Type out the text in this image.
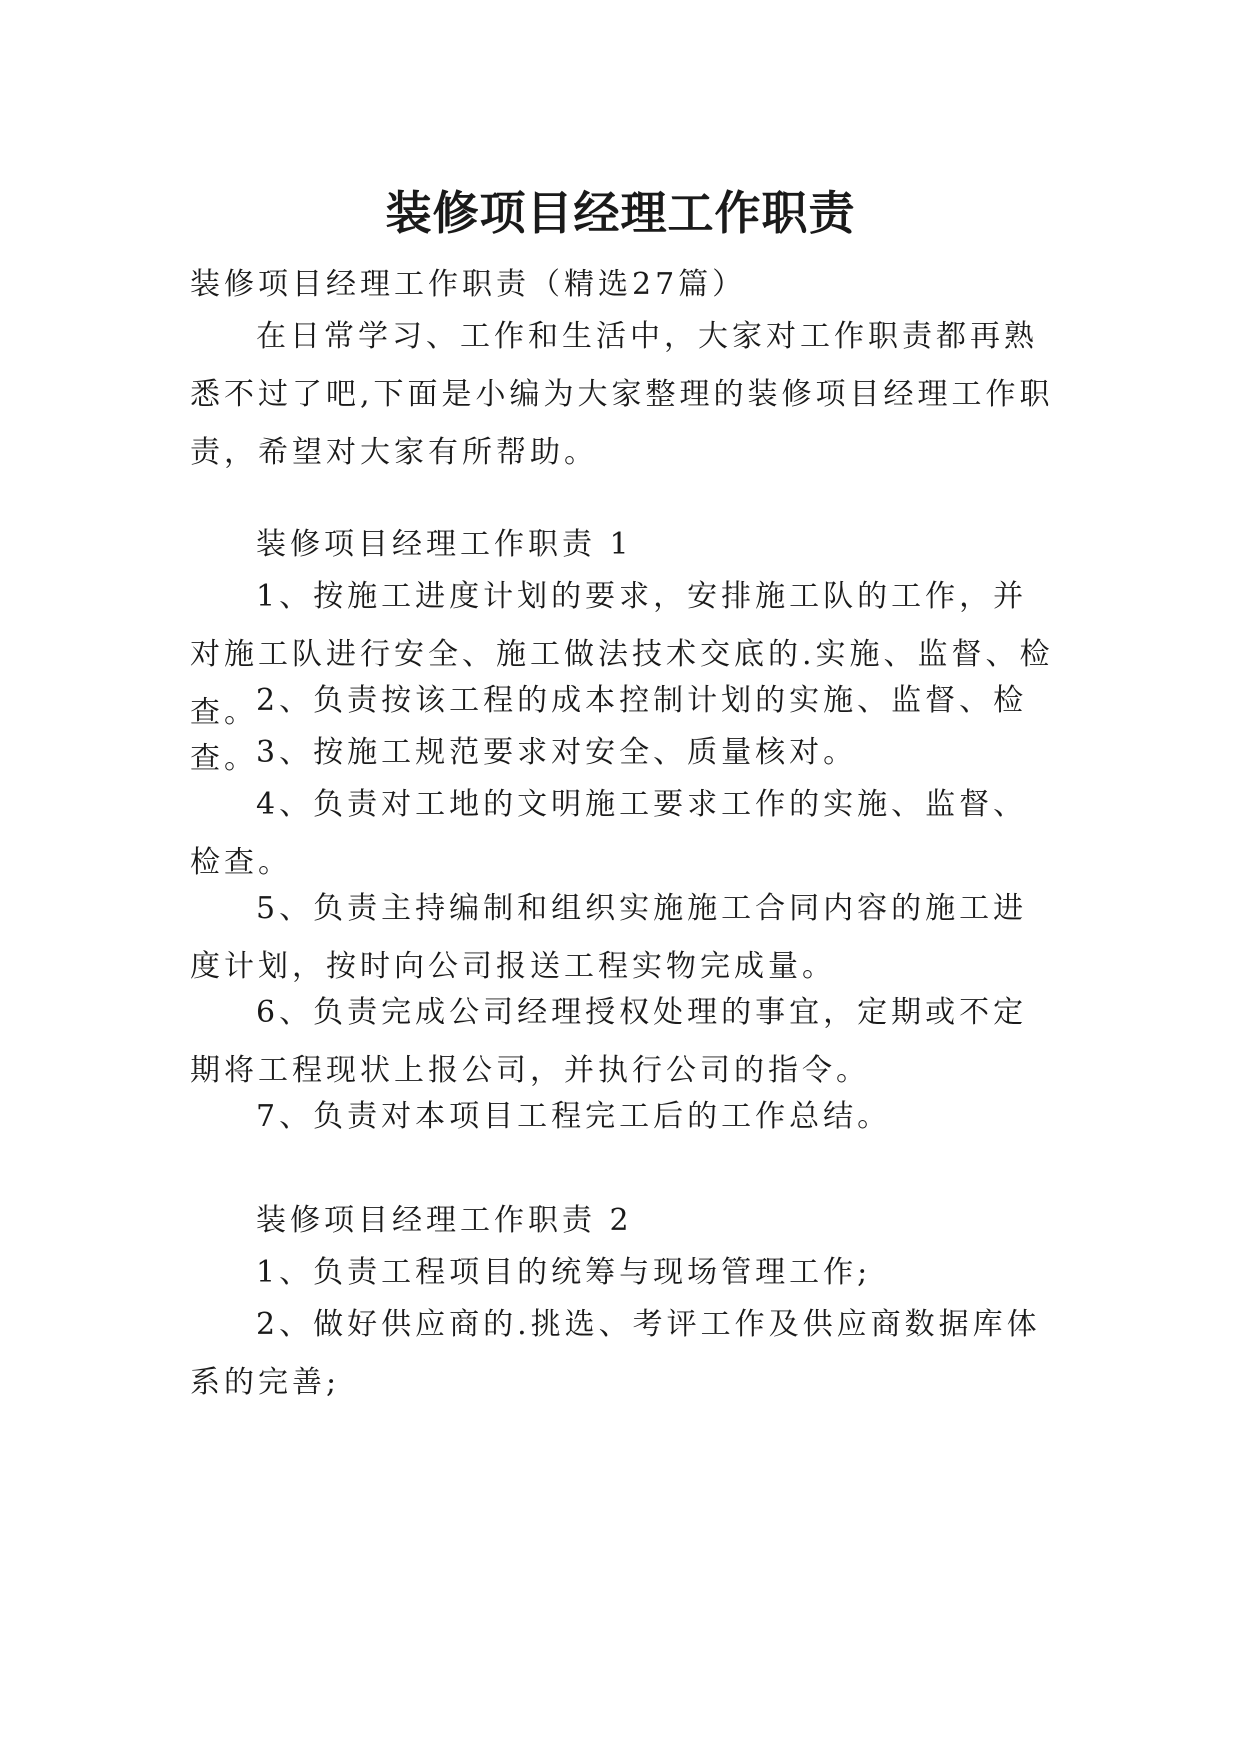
装修项目经理工作职责

装修项目经理工作职责（精选27篇）

在日常学习、工作和生活中，大家对工作职责都再熟悉不过了吧,下面是小编为大家整理的装修项目经理工作职责，希望对大家有所帮助。

装修项目经理工作职责 1

1、按施工进度计划的要求，安排施工队的工作，并对施工队进行安全、施工做法技术交底的.实施、监督、检查。

2、负责按该工程的成本控制计划的实施、监督、检查。

3、按施工规范要求对安全、质量核对。

4、负责对工地的文明施工要求工作的实施、监督、检查。

5、负责主持编制和组织实施施工合同内容的施工进度计划，按时向公司报送工程实物完成量。

6、负责完成公司经理授权处理的事宜，定期或不定期将工程现状上报公司，并执行公司的指令。

7、负责对本项目工程完工后的工作总结。

装修项目经理工作职责 2

1、负责工程项目的统筹与现场管理工作;

2、做好供应商的.挑选、考评工作及供应商数据库体系的完善;
